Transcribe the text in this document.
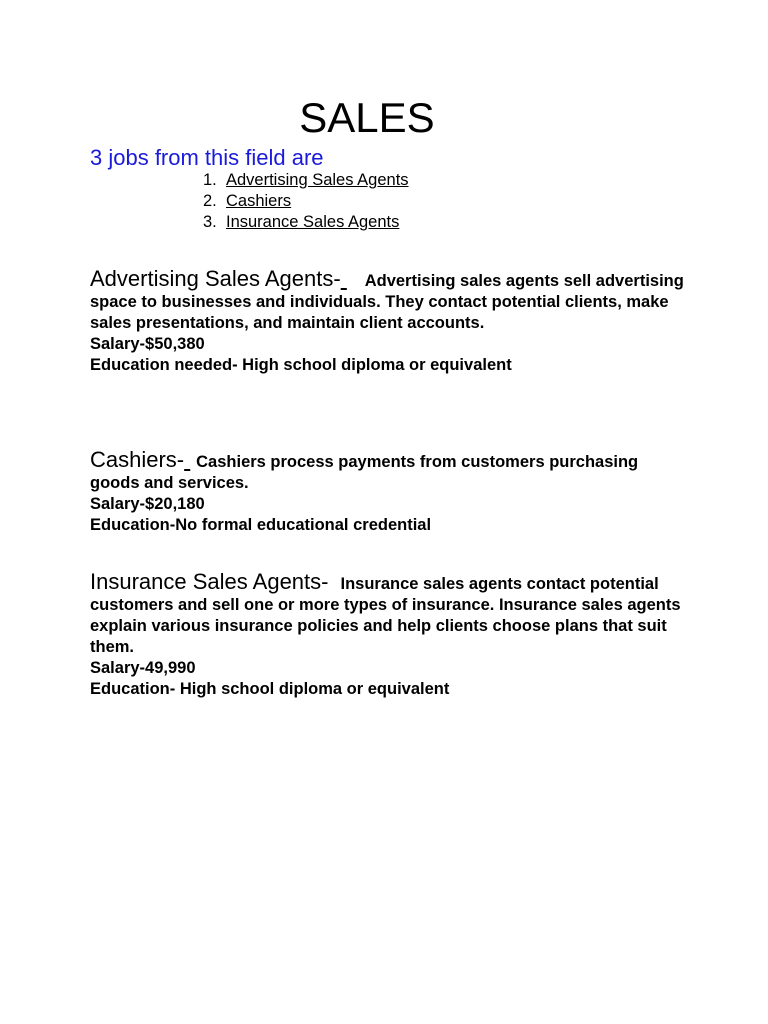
SALES
3 jobs from this field are
1. Advertising Sales Agents
2. Cashiers
3. Insurance Sales Agents

Advertising Sales Agents- Advertising sales agents sell advertising space to businesses and individuals. They contact potential clients, make sales presentations, and maintain client accounts.

Salary-$50,380
Education needed- High school diploma or equivalent

Cashiers- Cashiers process payments from customers purchasing goods and services.

Salary-$20,180
Education-No formal educational credential

Insurance Sales Agents- Insurance sales agents contact potential customers and sell one or more types of insurance. Insurance sales agents explain various insurance policies and help clients choose plans that suit them.

Salary-49,990
Education- High school diploma or equivalent
